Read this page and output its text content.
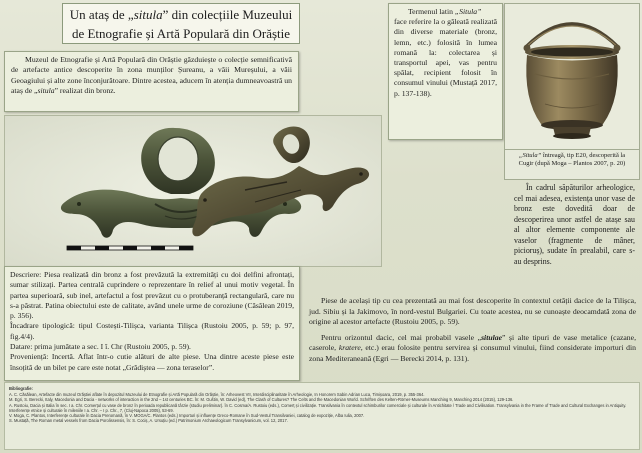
Un ataș de „situla” din colecțiile Muzeului
de Etnografie și Artă Populară din Orăștie
Muzeul de Etnografie și Artă Populară din Orăștie găzduiește o colecție semnificativă de artefacte antice descoperite în zona munților Șureanu, a văii Mureșului, a văii Geoagiului și alte zone înconjurătoare. Dintre acestea, aducem în atenția dumneavoastră un ataș de „situla” realizat din bronz.
Termenul latin „Situla”
face referire la o găleată realizată din diverse materiale (bronz, lemn, etc.) folosită în lumea romană la: colectarea și transportul apei, vas pentru spălat, recipient folosit în consumul vinului (Mustață 2017, p. 137-138).
„Situla” întreagă, tip E20, descoperită la Cugir (după Moga – Plantos 2007, p. 20)
În cadrul săpăturilor arheologice, cel mai adesea, existența unor vase de bronz este dovedită doar de descoperirea unor astfel de atașe sau al altor elemente componente ale vaselor (fragmente de mâner, picioruș), sudate în prealabil, care s-au desprins.

Descriere: Piesa realizată din bronz a fost prevăzută la extremități cu doi delfini afrontați, sumar stilizați. Partea centrală cuprindere o reprezentare în relief al unui motiv vegetal. În partea superioară, sub inel, artefactul a fost prevăzut cu o protuberanță rectangulară, care nu s-a păstrat. Patina obiectului este de calitate, având unele urme de coroziune (Căsălean 2019, p. 356).

Încadrare tipologică: tipul Costești-Tilișca, varianta Tilișca (Rustoiu 2005, p. 59; p. 97, fig.4/4).

Datare: prima jumătate a sec. I î. Chr (Rustoiu 2005, p. 59).

Proveniență: Incertă. Aflat într-o cutie alături de alte piese. Una dintre aceste piese este însoțită de un bilet pe care este notat „Grădiștea — zona teraselor”.

Piese de același tip cu cea prezentată au mai fost descoperite în contextul cetății dacice de la Tilișca, jud. Sibiu și la Jakimovo, în nord-vestul Bulgariei. Cu toate acestea, nu se cunoaște deocamdată zona de origine al acestor artefacte (Rustoiu 2005, p. 59).

Pentru orizontul dacic, cel mai probabil vasele „situlae” și alte tipuri de vase metalice (cazane, caserole, kratere, etc.) erau folosite pentru servirea și consumul vinului, fiind considerate importuri din zona Mediteraneană (Egri — Berecki 2014, p. 131).

Bibliografie:
A. C. Căsălean, Artefacte din muzeul Orăștiei aflate în depozitul Muzeului de Etnografie și Artă Populară din Orăștie, în: Arheovest VII, Interdisciplinaritate în Arheologie, In Honorem Sabin Adrian Luca, Timișoara, 2019, p. 355-364.
M. Egri, S. Berecki, Italy, Macedonia and Dacia - networks of interaction in the 2nd – 1st centuries BC. În: M. Guštin, W. David (ed), The Clash of Cultures? The Celts and the Macedonian World. Schriften des Kelten-Römer-Museums Manching 9, Manching 2014 (2015), 129-136.
A. Rustoiu, Dacia și Italia în sec. I a. Chr. Comerțul cu vase de bronz în perioada republicană târzie (studiu preliminar). în C. Cosma/A. Rustoiu (eds.), Comerț și civilizație. Transilvania în contextul schimburilor comerciale și culturale în Antichitate / Trade and Civilisation. Transylvania in the Frame of Trade and Cultural Exchanges in Antiquity. Interferențe etnice și culturale în mileniile I a. Chr. – I p. Chr., 7, (Cluj-Napoca 2005), 53-69.
V. Moga, C. Plantos, Interferențe culturale în Dacia Preromană, în V. MOGA/C. Plantos (eds.) Importuri și influențe Greco-Romane în Sud-Vestul Transilvaniei, catalog de expoziție, Alba Iulia, 2007.
S. Mustață, The Roman metal vessels from Dacia Porolissensis, în: S. Cociș, A. Ursuțiu (ed.) Patrimonium Archaeologicum Transylvanicum, vol. 12, 2017.
